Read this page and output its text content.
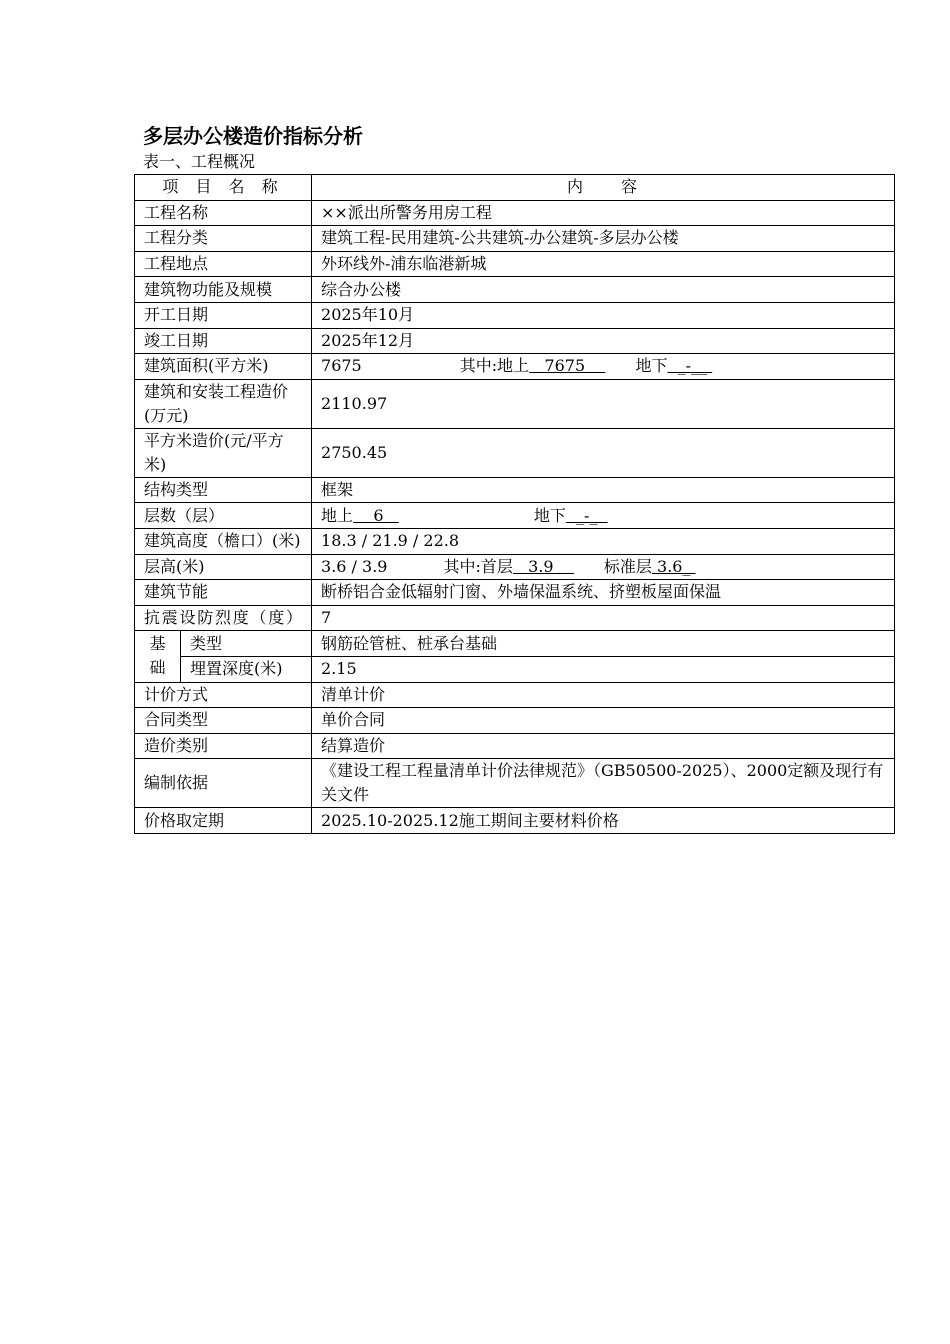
多层办公楼造价指标分析
表一、工程概况
项 目 名 称		内　　容
工程名称		××派出所警务用房工程
工程分类		建筑工程-民用建筑-公共建筑-办公建筑-多层办公楼
工程地点		外环线外-浦东临港新城
建筑物功能及规模		综合办公楼
开工日期		2025年10月
竣工日期		2025年12月
建筑面积(平方米)		7675 其中:地上   7675    地下  _-__
建筑和安装工程造价(万元)		2110.97
平方米造价(元/平方米)		2750.45
结构类型		框架
层数（层）		地上    6 地下  _-_
建筑高度（檐口）(米)		18.3 / 21.9 / 22.8
层高(米)		3.6 / 3.9 其中:首层   3.9    标准层 3.6_
建筑节能		断桥铝合金低辐射门窗、外墙保温系统、挤塑板屋面保温
抗震设防烈度（度）		7
基础	类型	钢筋砼管桩、桩承台基础
	埋置深度(米)	2.15
计价方式		清单计价
合同类型		单价合同
造价类别		结算造价
编制依据		《建设工程工程量清单计价法律规范》（GB50500-2025）、2000定额及现行有关文件
价格取定期		2025.10-2025.12施工期间主要材料价格
